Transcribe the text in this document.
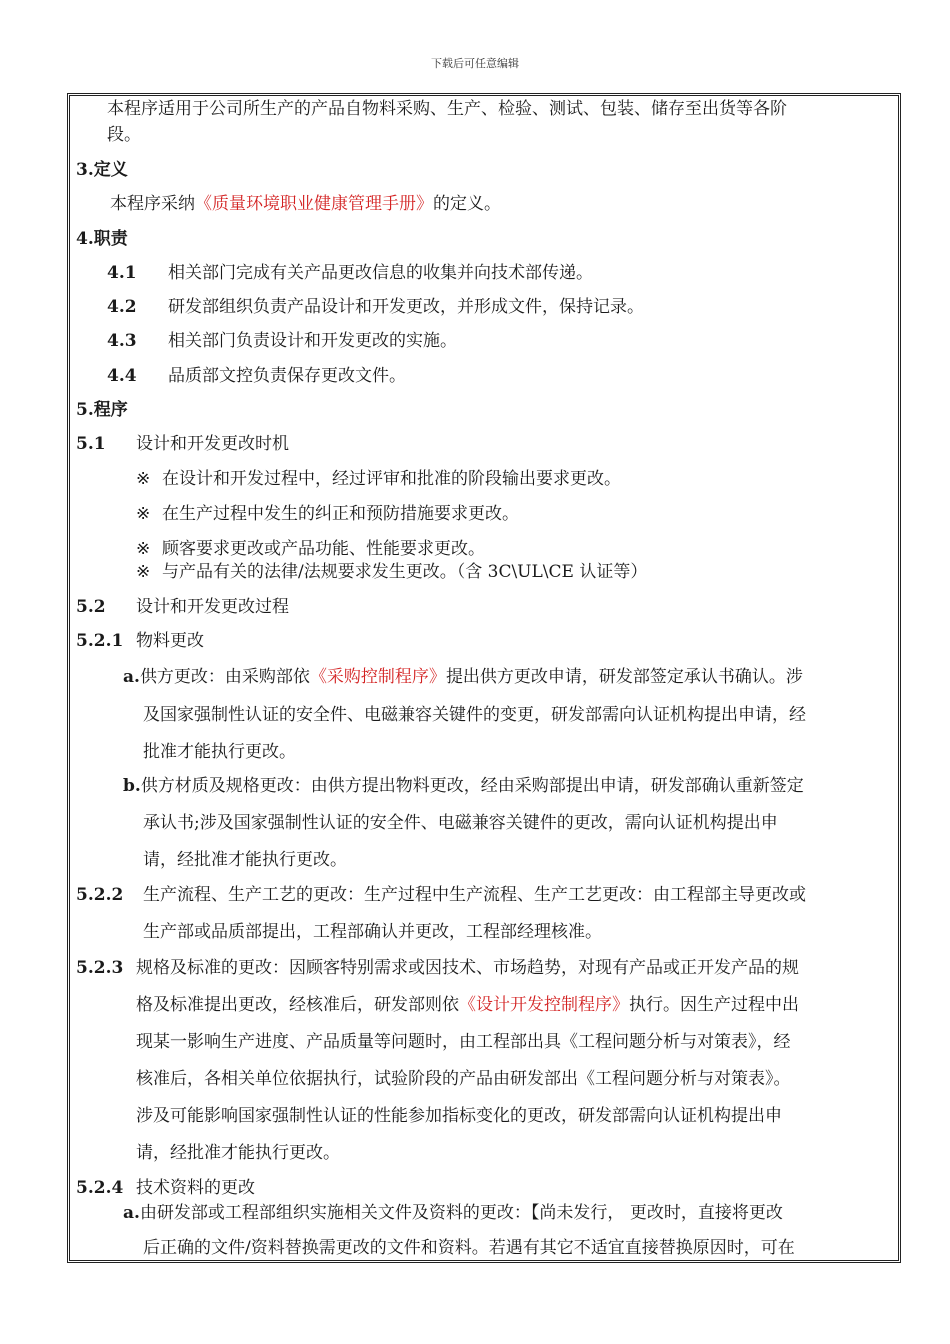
下载后可任意编辑
本程序适用于公司所生产的产品自物料采购、生产、检验、测试、包装、储存至出货等各阶
段。
3.定义
本程序采纳《质量环境职业健康管理手册》的定义。
4.职责
4.1 相关部门完成有关产品更改信息的收集并向技术部传递。
4.2 研发部组织负责产品设计和开发更改，并形成文件，保持记录。
4.3 相关部门负责设计和开发更改的实施。
4.4 品质部文控负责保存更改文件。
5.程序
5.1 设计和开发更改时机
※ 在设计和开发过程中，经过评审和批准的阶段输出要求更改。
※ 在生产过程中发生的纠正和预防措施要求更改。
※ 顾客要求更改或产品功能、性能要求更改。
※ 与产品有关的法律/法规要求发生更改。（含 3C\UL\CE 认证等）
5.2 设计和开发更改过程
5.2.1 物料更改
a.供方更改：由采购部依《采购控制程序》提出供方更改申请，研发部签定承认书确认。涉
及国家强制性认证的安全件、电磁兼容关键件的变更，研发部需向认证机构提出申请，经
批准才能执行更改。
b.供方材质及规格更改：由供方提出物料更改，经由采购部提出申请，研发部确认重新签定
承认书;涉及国家强制性认证的安全件、电磁兼容关键件的更改，需向认证机构提出申
请，经批准才能执行更改。
5.2.2 生产流程、生产工艺的更改：生产过程中生产流程、生产工艺更改：由工程部主导更改或
生产部或品质部提出，工程部确认并更改，工程部经理核准。
5.2.3 规格及标准的更改：因顾客特别需求或因技术、市场趋势，对现有产品或正开发产品的规
格及标准提出更改，经核准后，研发部则依《设计开发控制程序》执行。因生产过程中出
现某一影响生产进度、产品质量等问题时，由工程部出具《工程问题分析与对策表》，经
核准后，各相关单位依据执行，试验阶段的产品由研发部出《工程问题分析与对策表》。
涉及可能影响国家强制性认证的性能参加指标变化的更改，研发部需向认证机构提出申
请，经批准才能执行更改。
5.2.4 技术资料的更改
a.由研发部或工程部组织实施相关文件及资料的更改：【尚未发行， 更改时，直接将更改
后正确的文件/资料替换需更改的文件和资料。若遇有其它不适宜直接替换原因时，可在
